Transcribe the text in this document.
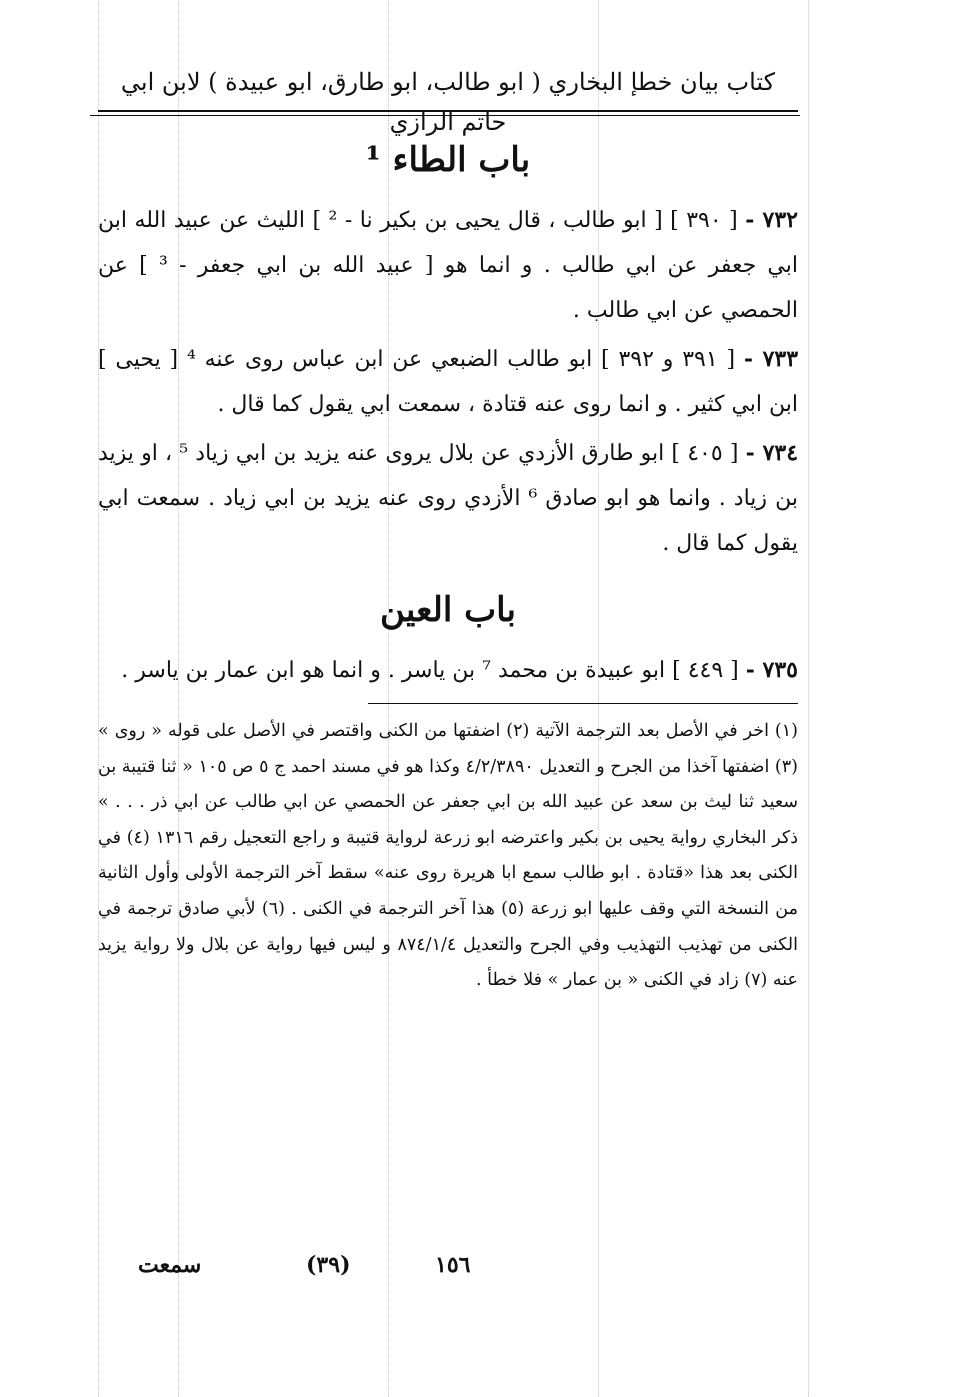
كتاب بيان خطإ البخاري ( ابو طالب، ابو طارق، ابو عبيدة ) لابن ابي حاتم الرازي
باب الطاء ¹
٧٣٢ - [ ٣٩٠ ] [ ابو طالب ، قال يحيى بن بكير نا - ² ] الليث عن عبيد الله ابن ابي جعفر عن ابي طالب . و انما هو [ عبيد الله بن ابي جعفر - ³ ] عن الحمصي عن ابي طالب .
٧٣٣ - [ ٣٩١ و ٣٩٢ ] ابو طالب الضبعي عن ابن عباس روى عنه ⁴ [ يحيى ] ابن ابي كثير . و انما روى عنه قتادة ، سمعت ابي يقول كما قال .
٧٣٤ - [ ٤٠٥ ] ابو طارق الأزدي عن بلال يروى عنه يزيد بن ابي زياد ⁵ ، او يزيد بن زياد . وانما هو ابو صادق ⁶ الأزدي روى عنه يزيد بن ابي زياد . سمعت ابي يقول كما قال .
باب العين
٧٣٥ - [ ٤٤٩ ] ابو عبيدة بن محمد ⁷ بن ياسر . و انما هو ابن عمار بن ياسر .
(١) اخر في الأصل بعد الترجمة الآتية (٢) اضفتها من الكنى واقتصر في الأصل على قوله « روى » (٣) اضفتها آخذا من الجرح و التعديل ٤/٢/٣٨٩٠ وكذا هو في مسند احمد ج ٥ ص ١٠٥ « ثنا قتيبة بن سعيد ثنا ليث بن سعد عن عبيد الله بن ابي جعفر عن الحمصي عن ابي طالب عن ابي ذر . . . » ذكر البخاري رواية يحيى بن بكير واعترضه ابو زرعة لرواية قتيبة و راجع التعجيل رقم ١٣١٦ (٤) في الكنى بعد هذا «قتادة . ابو طالب سمع ابا هريرة روى عنه» سقط آخر الترجمة الأولى وأول الثانية من النسخة التي وقف عليها ابو زرعة (٥) هذا آخر الترجمة في الكنى . (٦) لأبي صادق ترجمة في الكنى من تهذيب التهذيب وفي الجرح والتعديل ٨٧٤/١/٤ و ليس فيها رواية عن بلال ولا رواية يزيد عنه (٧) زاد في الكنى « بن عمار » فلا خطأ .
سمعت	(٣٩)	١٥٦
